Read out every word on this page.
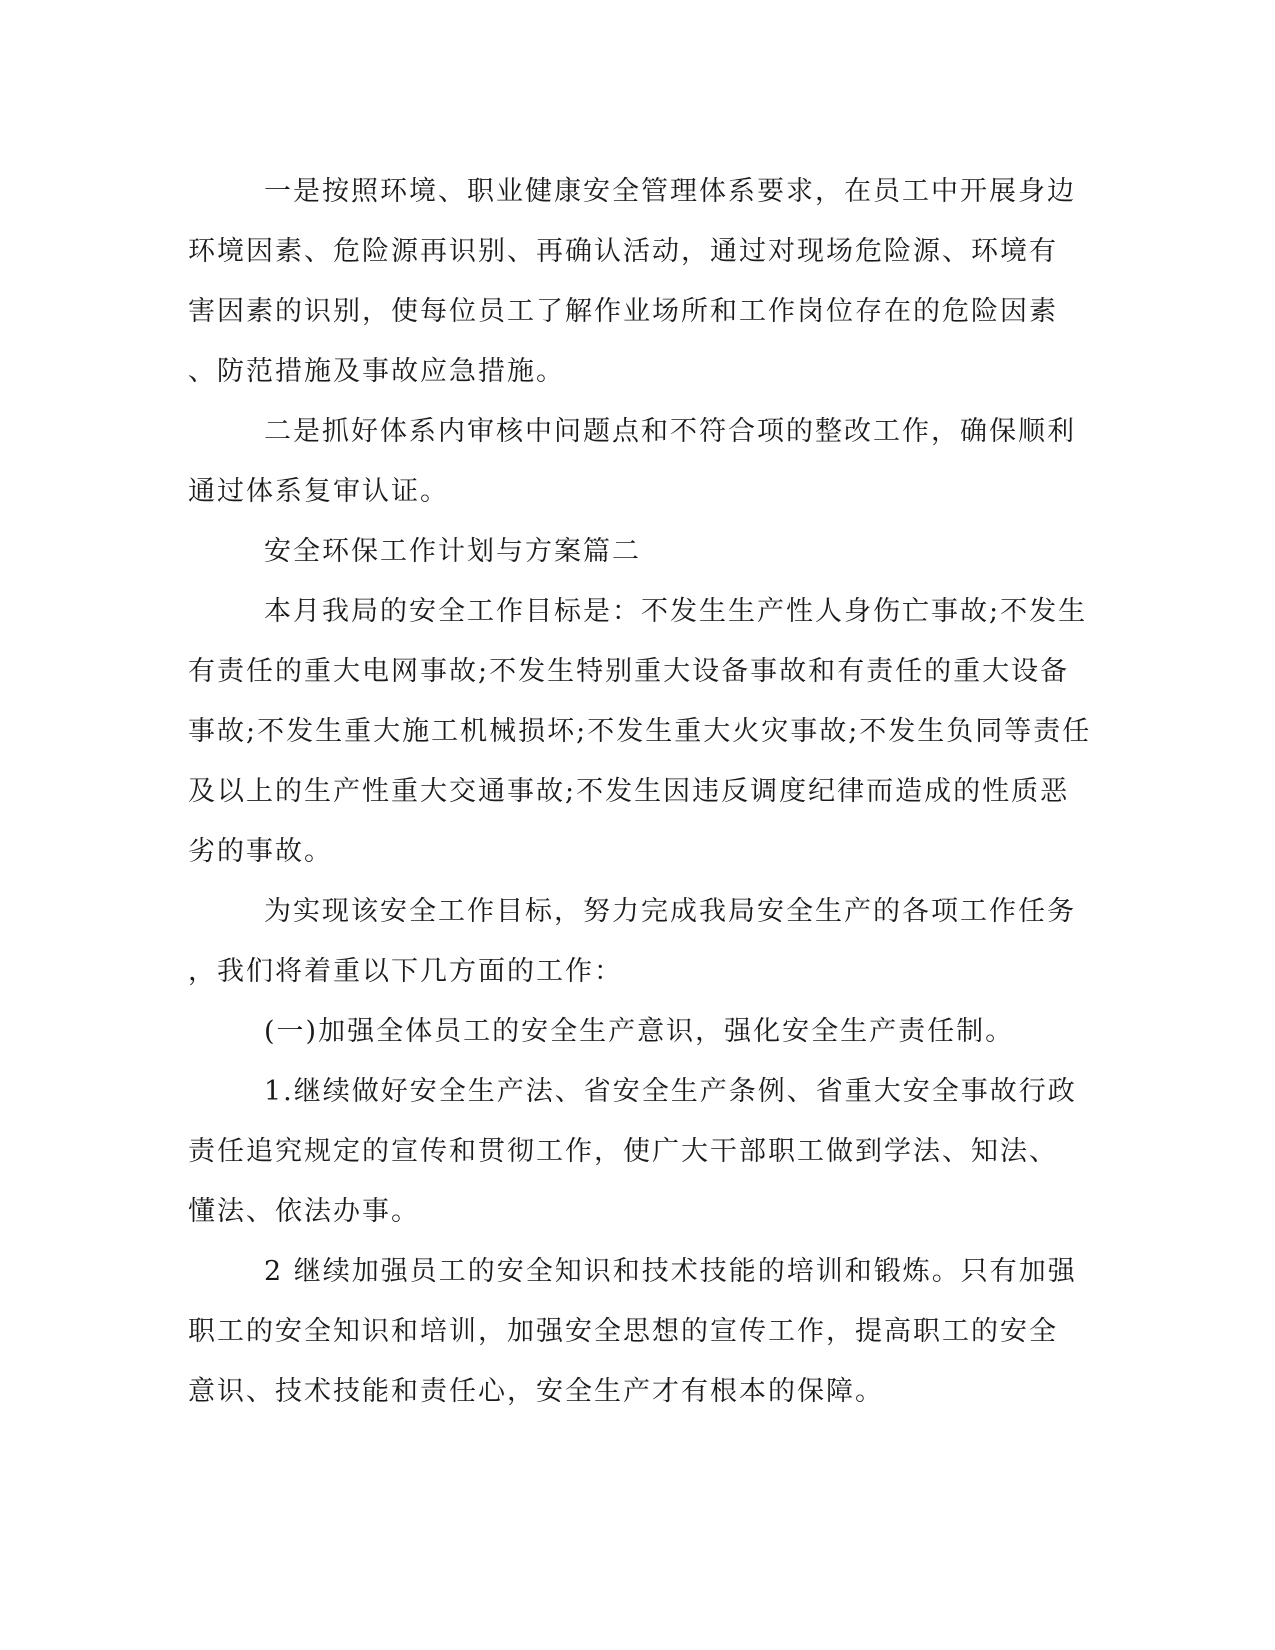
一是按照环境、职业健康安全管理体系要求，在员工中开展身边
环境因素、危险源再识别、再确认活动，通过对现场危险源、环境有
害因素的识别，使每位员工了解作业场所和工作岗位存在的危险因素
、防范措施及事故应急措施。
二是抓好体系内审核中问题点和不符合项的整改工作，确保顺利
通过体系复审认证。
安全环保工作计划与方案篇二
本月我局的安全工作目标是：不发生生产性人身伤亡事故;不发生
有责任的重大电网事故;不发生特别重大设备事故和有责任的重大设备
事故;不发生重大施工机械损坏;不发生重大火灾事故;不发生负同等责任
及以上的生产性重大交通事故;不发生因违反调度纪律而造成的性质恶
劣的事故。
为实现该安全工作目标，努力完成我局安全生产的各项工作任务
，我们将着重以下几方面的工作：
(一)加强全体员工的安全生产意识，强化安全生产责任制。
1.继续做好安全生产法、省安全生产条例、省重大安全事故行政
责任追究规定的宣传和贯彻工作，使广大干部职工做到学法、知法、
懂法、依法办事。
2 继续加强员工的安全知识和技术技能的培训和锻炼。只有加强
职工的安全知识和培训，加强安全思想的宣传工作，提高职工的安全
意识、技术技能和责任心，安全生产才有根本的保障。
